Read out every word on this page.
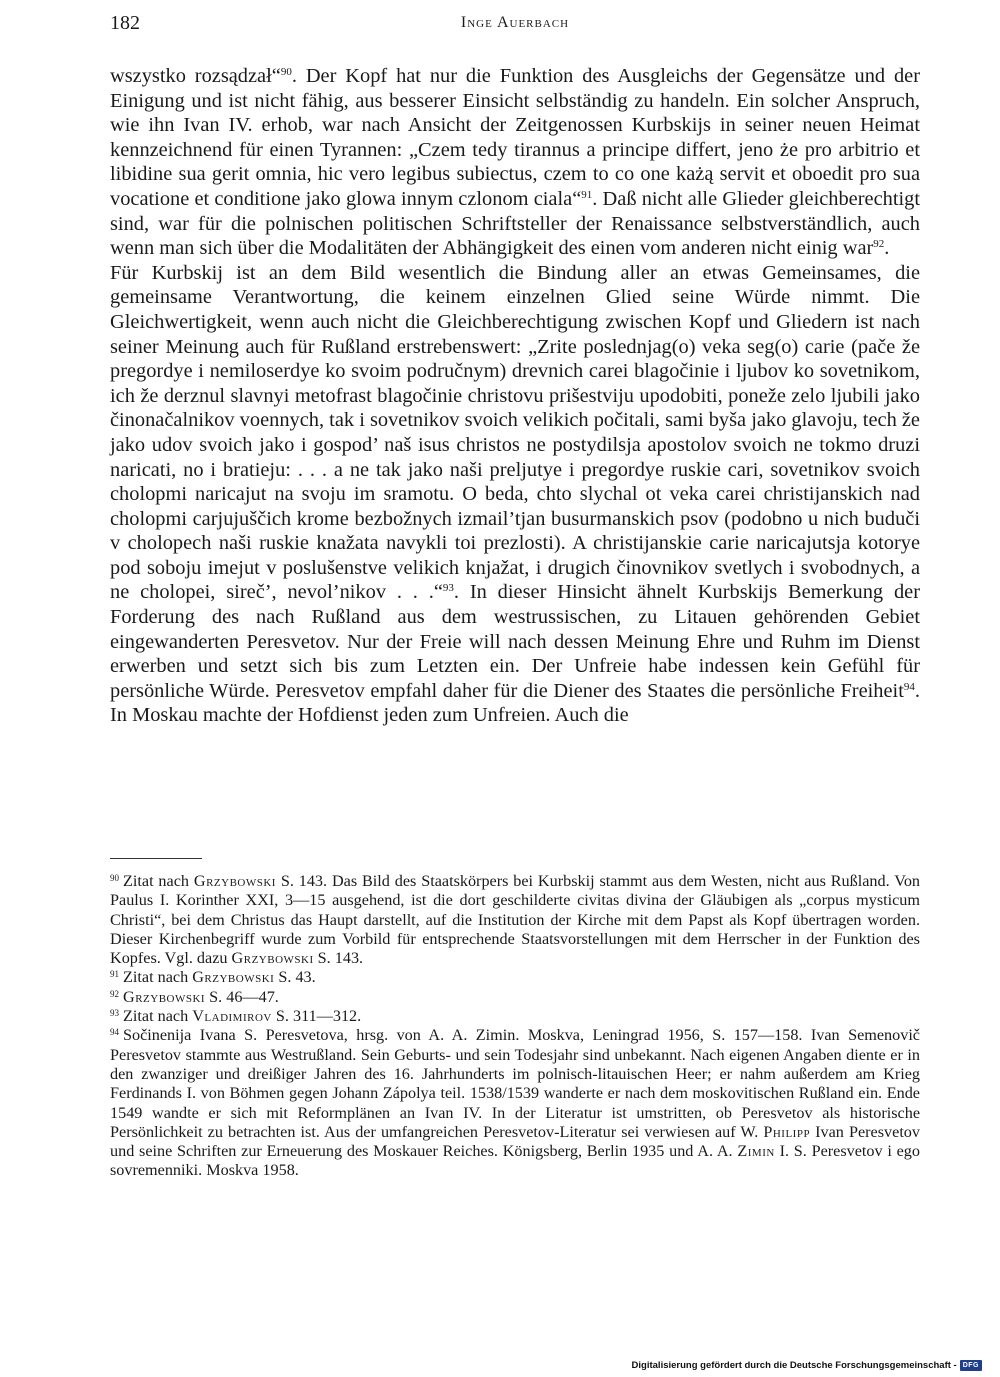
182	Inge Auerbach

wszystko rozsądzał“$^{90}$. Der Kopf hat nur die Funktion des Ausgleichs der Gegensätze und der Einigung und ist nicht fähig, aus besserer Einsicht selbständig zu handeln. Ein solcher Anspruch, wie ihn Ivan IV. erhob, war nach Ansicht der Zeitgenossen Kurbskijs in seiner neuen Heimat kennzeichnend für einen Tyrannen: „Czem tedy tirannus a principe differt, jeno że pro arbitrio et libidine sua gerit omnia, hic vero legibus subiectus, czem to co one każą servit et oboedit pro sua vocatione et conditione jako glowa innym czlonom ciala“$^{91}$. Daß nicht alle Glieder gleichberechtigt sind, war für die polnischen politischen Schriftsteller der Renaissance selbstverständlich, auch wenn man sich über die Modalitäten der Abhängigkeit des einen vom anderen nicht einig war$^{92}$.

Für Kurbskij ist an dem Bild wesentlich die Bindung aller an etwas Gemeinsames, die gemeinsame Verantwortung, die keinem einzelnen Glied seine Würde nimmt. Die Gleichwertigkeit, wenn auch nicht die Gleichberechtigung zwischen Kopf und Gliedern ist nach seiner Meinung auch für Rußland erstrebenswert: „Zrite poslednjag(o) veka seg(o) carie (pače že pregordye i nemiloserdye ko svoim područnym) drevnich carei blagočinie i ljubov ko sovetnikom, ich že derznul slavnyi metofrast blagočinie christovu prišestviju upodobiti, poneže zelo ljubili jako činonačalnikov voennych, tak i sovetnikov svoich velikich počitali, sami byša jako glavoju, tech že jako udov svoich jako i gospod’ naš isus christos ne postydilsja apostolov svoich ne tokmo druzi naricati, no i bratieju: . . . a ne tak jako naši preljutye i pregordye ruskie cari, sovetnikov svoich cholopmi naricajut na svoju im sramotu. O beda, chto slychal ot veka carei christijanskich nad cholopmi carjujuščich krome bezbožnych izmail’tjan busurmanskich psov (podobno u nich buduči v cholopech naši ruskie knažata navykli toi prezlosti). A christijanskie carie naricajutsja kotorye pod soboju imejut v poslušenstve velikich knjažat, i drugich činovnikov svetlych i svobodnych, a ne cholopei, sireč’, nevol’nikov . . .“$^{93}$. In dieser Hinsicht ähnelt Kurbskijs Bemerkung der Forderung des nach Rußland aus dem westrussischen, zu Litauen gehörenden Gebiet eingewanderten Peresvetov. Nur der Freie will nach dessen Meinung Ehre und Ruhm im Dienst erwerben und setzt sich bis zum Letzten ein. Der Unfreie habe indessen kein Gefühl für persönliche Würde. Peresvetov empfahl daher für die Diener des Staates die persönliche Freiheit$^{94}$. In Moskau machte der Hofdienst jeden zum Unfreien. Auch die

$^{90}$ Zitat nach Grzybowski S. 143. Das Bild des Staatskörpers bei Kurbskij stammt aus dem Westen, nicht aus Rußland. Von Paulus I. Korinther XXI, 3—15 ausgehend, ist die dort geschilderte civitas divina der Gläubigen als „corpus mysticum Christi“, bei dem Christus das Haupt darstellt, auf die Institution der Kirche mit dem Papst als Kopf übertragen worden. Dieser Kirchenbegriff wurde zum Vorbild für entsprechende Staatsvorstellungen mit dem Herrscher in der Funktion des Kopfes. Vgl. dazu Grzybowski S. 143.

$^{91}$ Zitat nach Grzybowski S. 43.

$^{92}$ Grzybowski S. 46—47.

$^{93}$ Zitat nach Vladimirov S. 311—312.

$^{94}$ Sočinenija Ivana S. Peresvetova, hrsg. von A. A. Zimin. Moskva, Leningrad 1956, S. 157—158. Ivan Semenovič Peresvetov stammte aus Westrußland. Sein Geburts- und sein Todesjahr sind unbekannt. Nach eigenen Angaben diente er in den zwanziger und dreißiger Jahren des 16. Jahrhunderts im polnisch-litauischen Heer; er nahm außerdem am Krieg Ferdinands I. von Böhmen gegen Johann Zápolya teil. 1538/1539 wanderte er nach dem moskovitischen Rußland ein. Ende 1549 wandte er sich mit Reformplänen an Ivan IV. In der Literatur ist umstritten, ob Peresvetov als historische Persönlichkeit zu betrachten ist. Aus der umfangreichen Peresvetov-Literatur sei verwiesen auf W. Philipp Ivan Peresvetov und seine Schriften zur Erneuerung des Moskauer Reiches. Königsberg, Berlin 1935 und A. A. Zimin I. S. Peresvetov i ego sovremenniki. Moskva 1958.

Digitalisierung gefördert durch die Deutsche Forschungsgemeinschaft - DFG
